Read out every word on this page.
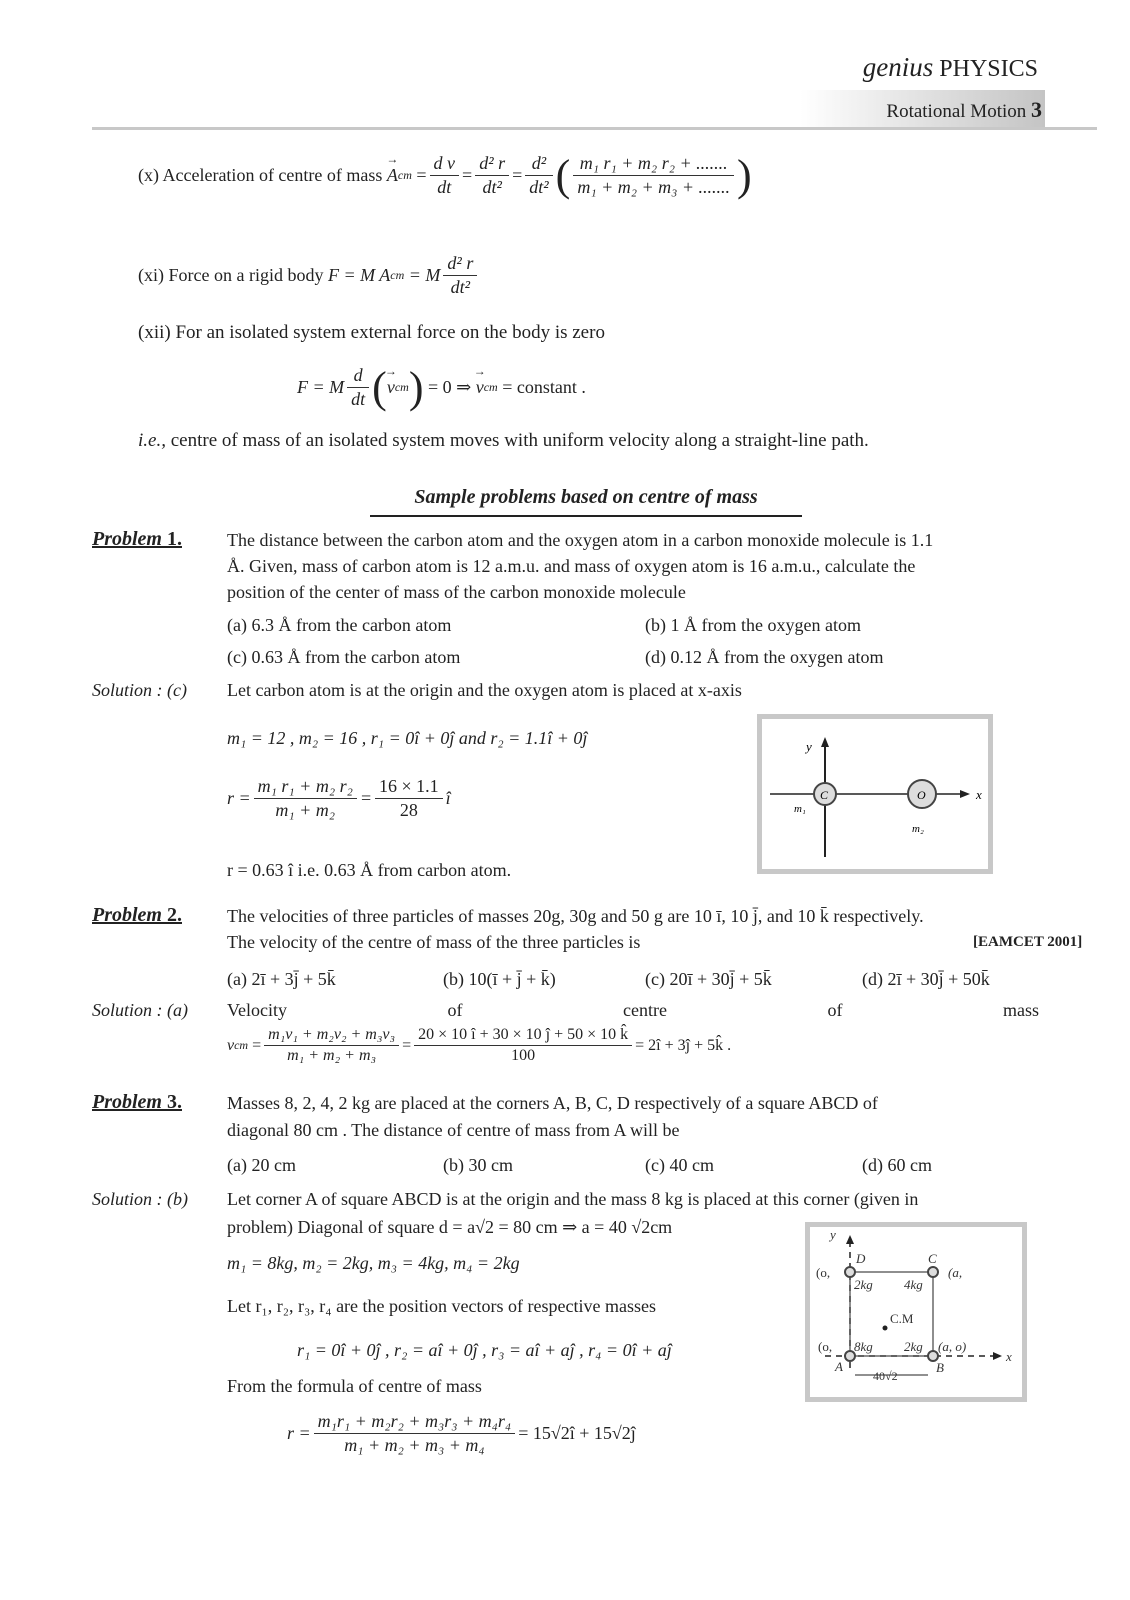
genius PHYSICS
Rotational Motion 3
(x) Acceleration of centre of mass
→ A cm = $\frac{\text{d v}}{dt} = \frac{\text{d² r}}{\text{dt²}} = \frac{\text{d²}}{\text{dt²}}$ ( $\frac{\text{m₁ r₁ + m₂ r₂ + .......}}{\text{m₁ + m₂ + m₃ + .......}}$ )
(xi) Force on a rigid body
F = M A cm
= M $\frac{\text{d² r}}{\text{dt²}}$
(xii) For an isolated system external force on the body is zero
F = M $\frac{d}{dt}$ ( → v cm )
= 0 ⇒
→ v cm
= constant .
i.e., centre of mass of an isolated system moves with uniform velocity along a straight-line path.
Sample problems based on centre of mass
Problem 1.	The distance between the carbon atom and the oxygen atom in a carbon monoxide molecule is 1.1
Å. Given, mass of carbon atom is 12 a.m.u. and mass of oxygen atom is 16 a.m.u., calculate the
position of the center of mass of the carbon monoxide molecule
(a) 6.3 Å from the carbon atom	(b) 1 Å from the oxygen atom
(c) 0.63 Å from the carbon atom	(d) 0.12 Å from the oxygen atom
Solution : (c) Let carbon atom is at the origin and the oxygen atom is placed at x-axis
m₁ = 12 , m₂ = 16 , r₁ = 0î + 0ĵ and r₂ = 1.1î + 0ĵ
$r = \frac{\text{m₁ r₁ + m₂ r₂}}{\text{m₁ + m₂}} = \frac{16 \times 1.1}{28}$ î
r = 0.63 î i.e. 0.63 Å from carbon atom.
y
x
C	O
m₁
m₂
Problem 2.	The velocities of three particles of masses 20g, 30g and 50 g are 10 ī, 10 j̄, and 10 k̄ respectively.
The velocity of the centre of mass of the three particles is	[EAMCET 2001]
(a) 2ī + 3j̄ + 5k̄	(b) 10(ī + j̄ + k̄)	(c) 20ī + 30j̄ + 5k̄	(d) 2ī + 30j̄ + 50k̄
Solution : (a) Velocity	of	centre	of	mass
v cm = $\frac{\text{m₁v₁ + m₂v₂ + m₃v₃}}{\text{m₁ + m₂ + m₃}} = \frac{20 \times 10 î + 30 \times 10 ĵ + 50 \times 10 k̂}{100}$ = 2î + 3ĵ + 5k̂ .
Problem 3.	Masses 8, 2, 4, 2 kg are placed at the corners A, B, C, D respectively of a square ABCD of
diagonal 80 cm . The distance of centre of mass from A will be
(a) 20 cm	(b) 30 cm	(c) 40 cm	(d) 60 cm
Solution : (b) Let corner A of square ABCD is at the origin and the mass 8 kg is placed at this corner (given in
problem) Diagonal of square d = a√2 = 80 cm ⇒ a = 40 √2cm
m₁ = 8kg, m₂ = 2kg, m₃ = 4kg, m₄ = 2kg
Let r₁, r₂, r₃, r₄ are the position vectors of respective masses
r₁ = 0î + 0ĵ , r₂ = aî + 0ĵ , r₃ = aî + aĵ , r₄ = 0î + aĵ
From the formula of centre of mass
$r = \frac{\text{m₁r₁ + m₂r₂ + m₃r₃ + m₄r₄}}{\text{m₁ + m₂ + m₃ + m₄}}$ = 15√2î + 15√2ĵ
y
x
D	C
A	B
(o,	(a,
(o,	(a, o)
2kg 4kg
8kg 2kg
C.M
40√2
